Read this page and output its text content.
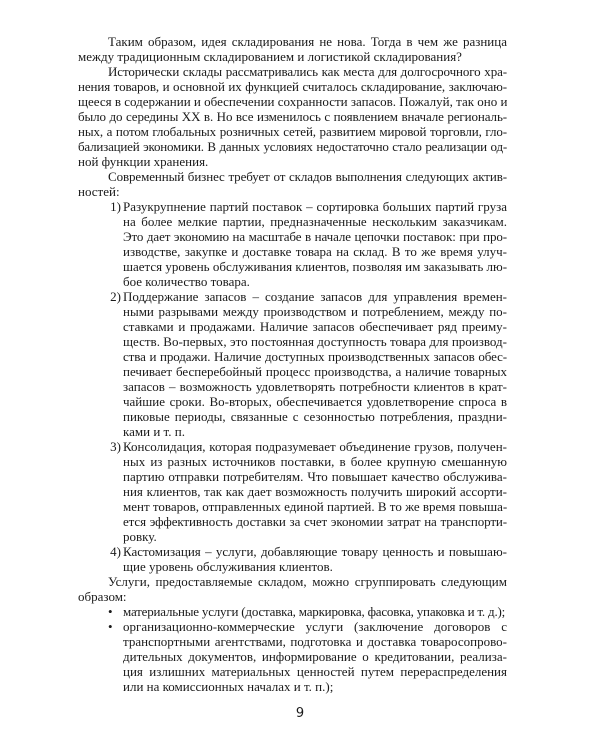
Таким образом, идея складирования не нова. Тогда в чем же разница
между традиционным складированием и логистикой складирования?
Исторически склады рассматривались как места для долгосрочного хра-
нения товаров, и основной их функцией считалось складирование, заключаю-
щееся в содержании и обеспечении сохранности запасов. Пожалуй, так оно и
было до середины XX в. Но все изменилось с появлением вначале региональ-
ных, а потом глобальных розничных сетей, развитием мировой торговли, гло-
бализацией экономики. В данных условиях недостаточно стало реализации од-
ной функции хранения.
Современный бизнес требует от складов выполнения следующих актив-
ностей:
1) Разукрупнение партий поставок – сортировка больших партий груза
на более мелкие партии, предназначенные нескольким заказчикам.
Это дает экономию на масштабе в начале цепочки поставок: при про-
изводстве, закупке и доставке товара на склад. В то же время улуч-
шается уровень обслуживания клиентов, позволяя им заказывать лю-
бое количество товара.
2) Поддержание запасов – создание запасов для управления времен-
ными разрывами между производством и потреблением, между по-
ставками и продажами. Наличие запасов обеспечивает ряд преиму-
ществ. Во-первых, это постоянная доступность товара для производ-
ства и продажи. Наличие доступных производственных запасов обес-
печивает бесперебойный процесс производства, а наличие товарных
запасов – возможность удовлетворять потребности клиентов в крат-
чайшие сроки. Во-вторых, обеспечивается удовлетворение спроса в
пиковые периоды, связанные с сезонностью потребления, праздни-
ками и т. п.
3) Консолидация, которая подразумевает объединение грузов, получен-
ных из разных источников поставки, в более крупную смешанную
партию отправки потребителям. Что повышает качество обслужива-
ния клиентов, так как дает возможность получить широкий ассорти-
мент товаров, отправленных единой партией. В то же время повыша-
ется эффективность доставки за счет экономии затрат на транспорти-
ровку.
4) Кастомизация – услуги, добавляющие товару ценность и повышаю-
щие уровень обслуживания клиентов.
Услуги, предоставляемые складом, можно сгруппировать следующим
образом:
• материальные услуги (доставка, маркировка, фасовка, упаковка и т. д.);
• организационно-коммерческие услуги (заключение договоров с
транспортными агентствами, подготовка и доставка товаросопрово-
дительных документов, информирование о кредитовании, реализа-
ция излишних материальных ценностей путем перераспределения
или на комиссионных началах и т. п.);
9
